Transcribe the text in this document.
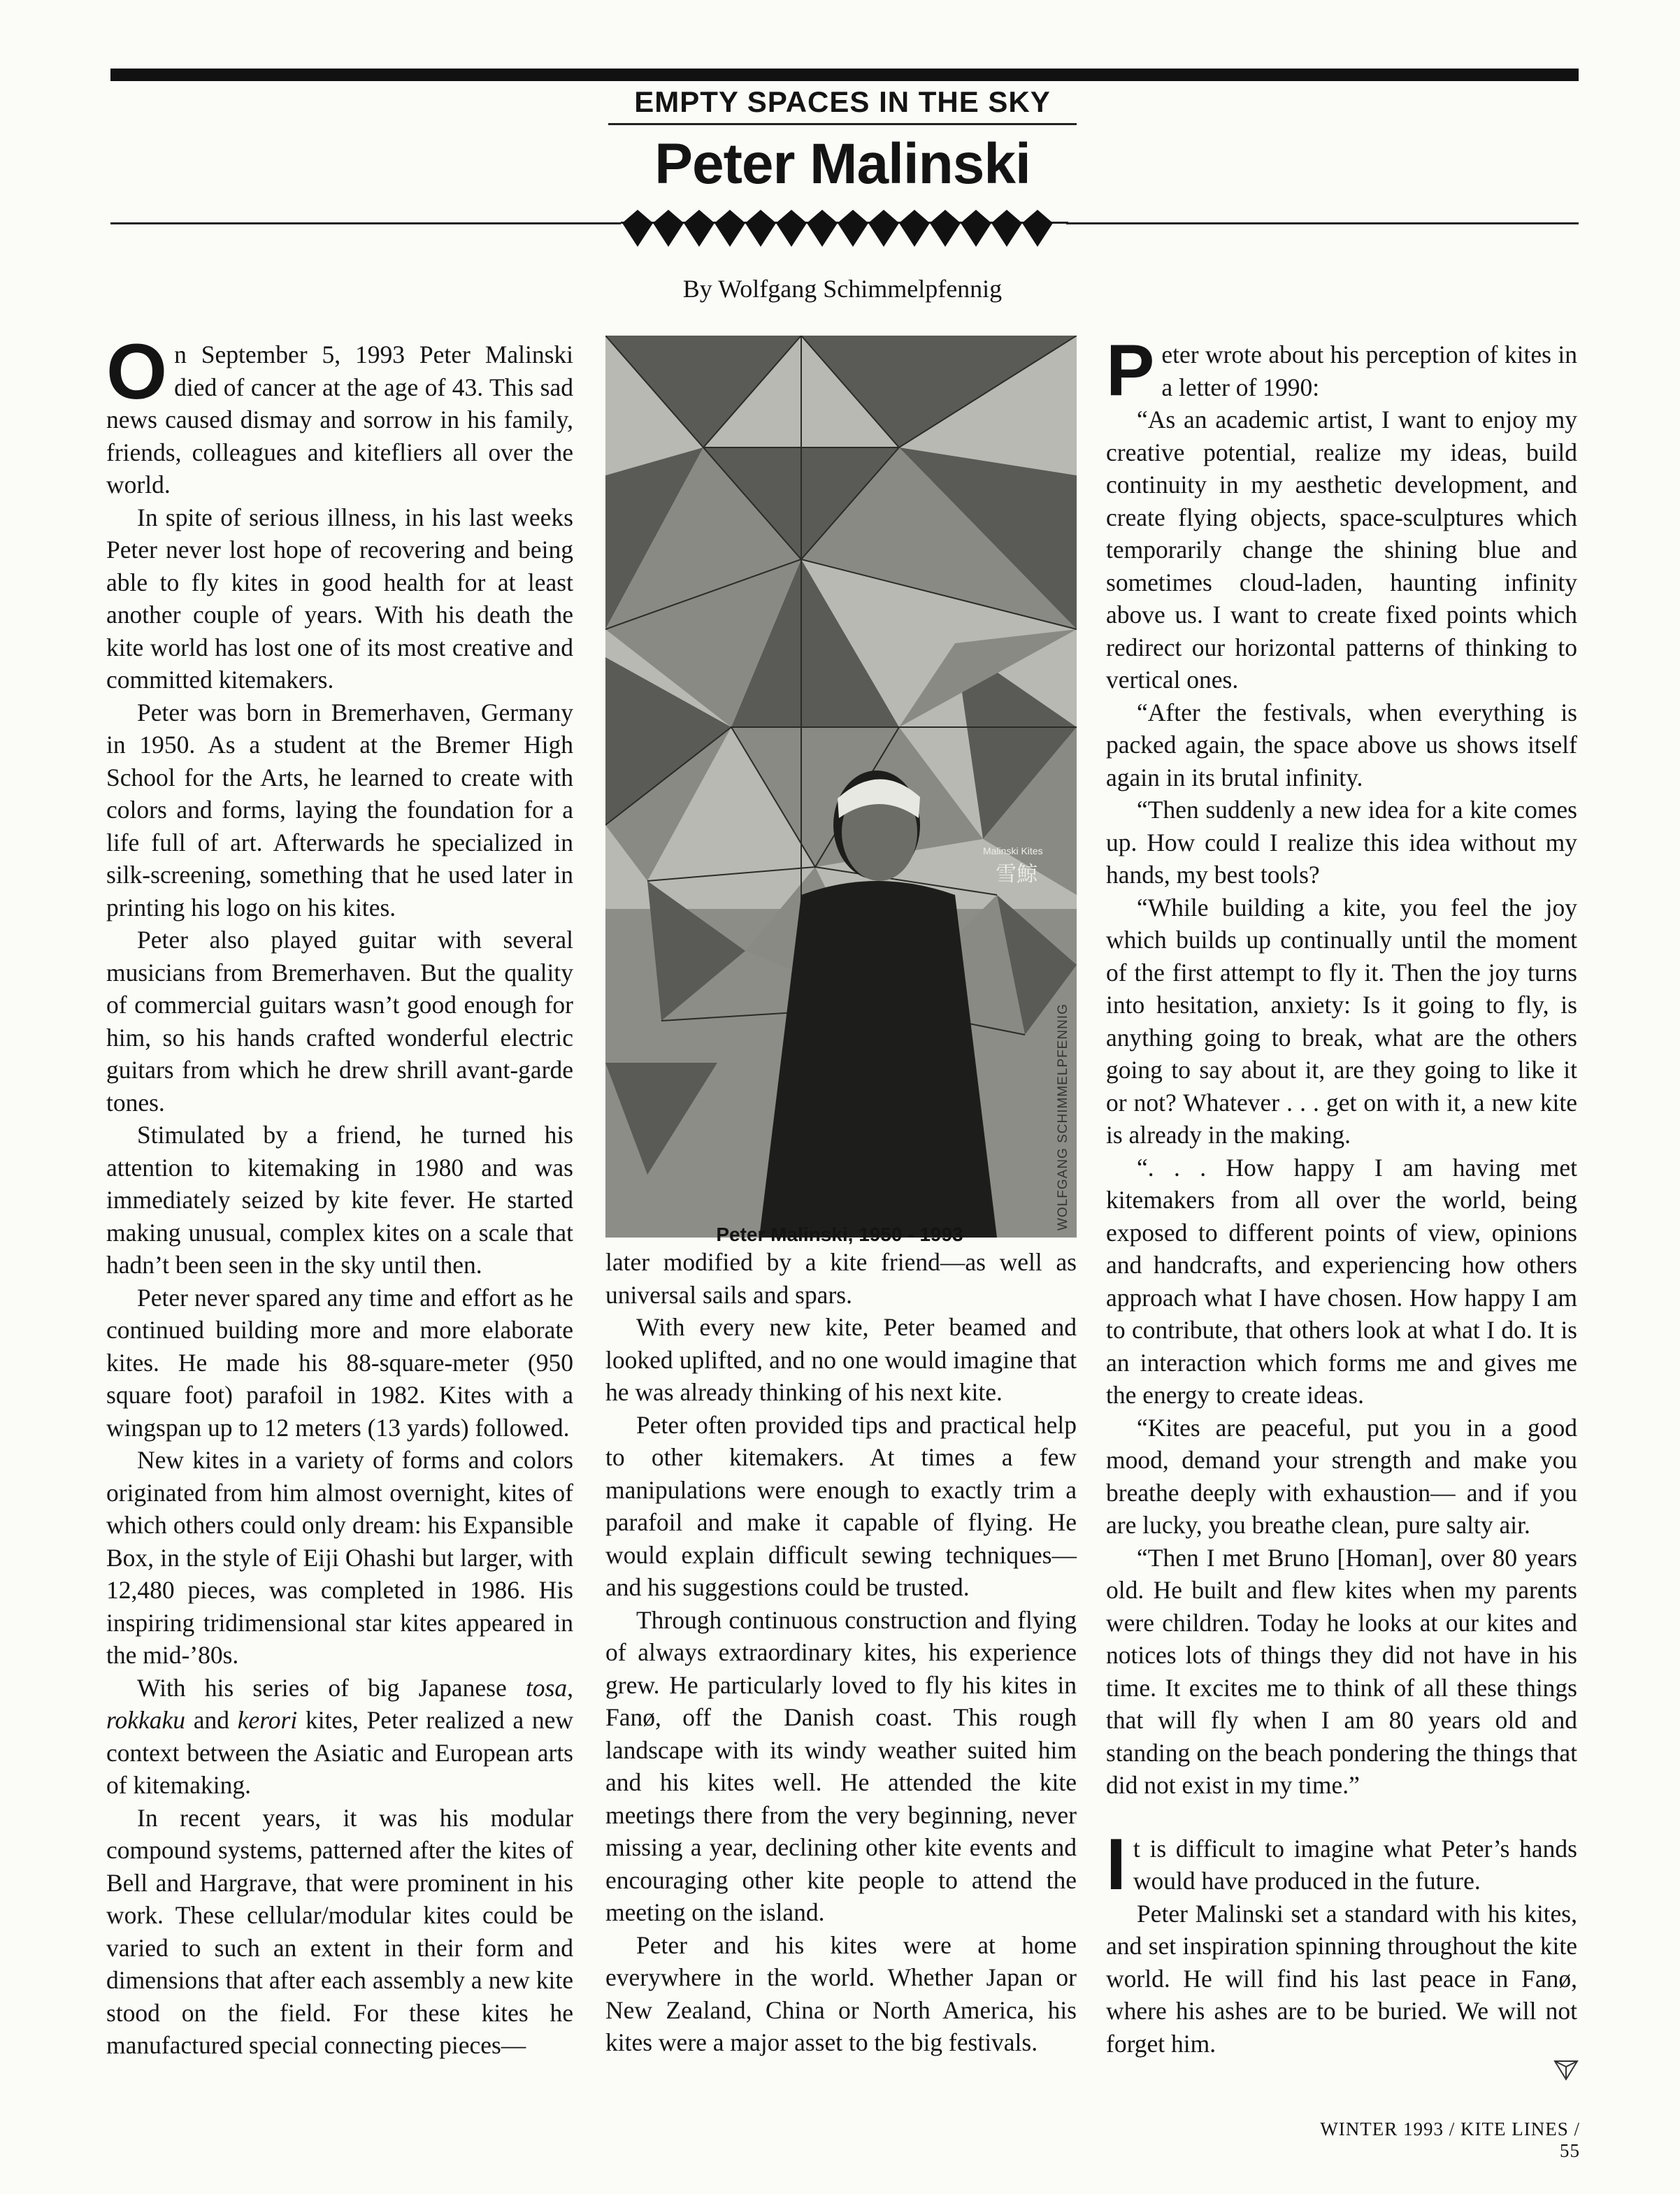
EMPTY SPACES IN THE SKY
Peter Malinski
By Wolfgang Schimmelpfennig

On September 5, 1993 Peter Malinski died of cancer at the age of 43. This sad news caused dismay and sorrow in his family, friends, colleagues and kitefliers all over the world.

In spite of serious illness, in his last weeks Peter never lost hope of recovering and being able to fly kites in good health for at least another couple of years. With his death the kite world has lost one of its most creative and committed kitemakers.

Peter was born in Bremerhaven, Germany in 1950. As a student at the Bremer High School for the Arts, he learned to create with colors and forms, laying the foundation for a life full of art. Afterwards he specialized in silk-screening, something that he used later in printing his logo on his kites.

Peter also played guitar with several musicians from Bremerhaven. But the quality of commercial guitars wasn’t good enough for him, so his hands crafted wonderful electric guitars from which he drew shrill avant-garde tones.

Stimulated by a friend, he turned his attention to kitemaking in 1980 and was immediately seized by kite fever. He started making unusual, complex kites on a scale that hadn’t been seen in the sky until then.

Peter never spared any time and effort as he continued building more and more elaborate kites. He made his 88-square-meter (950 square foot) parafoil in 1982. Kites with a wingspan up to 12 meters (13 yards) followed.

New kites in a variety of forms and colors originated from him almost overnight, kites of which others could only dream: his Expansible Box, in the style of Eiji Ohashi but larger, with 12,480 pieces, was completed in 1986. His inspiring tridimensional star kites appeared in the mid-’80s.

With his series of big Japanese tosa, rokkaku and kerori kites, Peter realized a new context between the Asiatic and European arts of kitemaking.

In recent years, it was his modular compound systems, patterned after the kites of Bell and Hargrave, that were prominent in his work. These cellular/modular kites could be varied to such an extent in their form and dimensions that after each assembly a new kite stood on the field. For these kites he manufactured special connecting pieces—

Malinski Kites
雪鯨
WOLFGANG SCHIMMELPFENNIG
Peter Malinski, 1950 - 1993

later modified by a kite friend—as well as universal sails and spars.

With every new kite, Peter beamed and looked uplifted, and no one would imagine that he was already thinking of his next kite.

Peter often provided tips and practical help to other kitemakers. At times a few manipulations were enough to exactly trim a parafoil and make it capable of flying. He would explain difficult sewing techniques—and his suggestions could be trusted.

Through continuous construction and flying of always extraordinary kites, his experience grew. He particularly loved to fly his kites in Fanø, off the Danish coast. This rough landscape with its windy weather suited him and his kites well. He attended the kite meetings there from the very beginning, never missing a year, declining other kite events and encouraging other kite people to attend the meeting on the island.

Peter and his kites were at home everywhere in the world. Whether Japan or New Zealand, China or North America, his kites were a major asset to the big festivals.

Peter wrote about his perception of kites in a letter of 1990:

“As an academic artist, I want to enjoy my creative potential, realize my ideas, build continuity in my aesthetic development, and create flying objects, space-sculptures which temporarily change the shining blue and sometimes cloud-laden, haunting infinity above us. I want to create fixed points which redirect our horizontal patterns of thinking to vertical ones.

“After the festivals, when everything is packed again, the space above us shows itself again in its brutal infinity.

“Then suddenly a new idea for a kite comes up. How could I realize this idea without my hands, my best tools?

“While building a kite, you feel the joy which builds up continually until the moment of the first attempt to fly it. Then the joy turns into hesitation, anxiety: Is it going to fly, is anything going to break, what are the others going to say about it, are they going to like it or not? Whatever . . . get on with it, a new kite is already in the making.

“. . . How happy I am having met kitemakers from all over the world, being exposed to different points of view, opinions and handcrafts, and experiencing how others approach what I have chosen. How happy I am to contribute, that others look at what I do. It is an interaction which forms me and gives me the energy to create ideas.

“Kites are peaceful, put you in a good mood, demand your strength and make you breathe deeply with exhaustion— and if you are lucky, you breathe clean, pure salty air.

“Then I met Bruno [Homan], over 80 years old. He built and flew kites when my parents were children. Today he looks at our kites and notices lots of things they did not have in his time. It excites me to think of all these things that will fly when I am 80 years old and standing on the beach pondering the things that did not exist in my time.”

It is difficult to imagine what Peter’s hands would have produced in the future.

Peter Malinski set a standard with his kites, and set inspiration spinning throughout the kite world. He will find his last peace in Fanø, where his ashes are to be buried. We will not forget him.

WINTER 1993 / KITE LINES / 55
